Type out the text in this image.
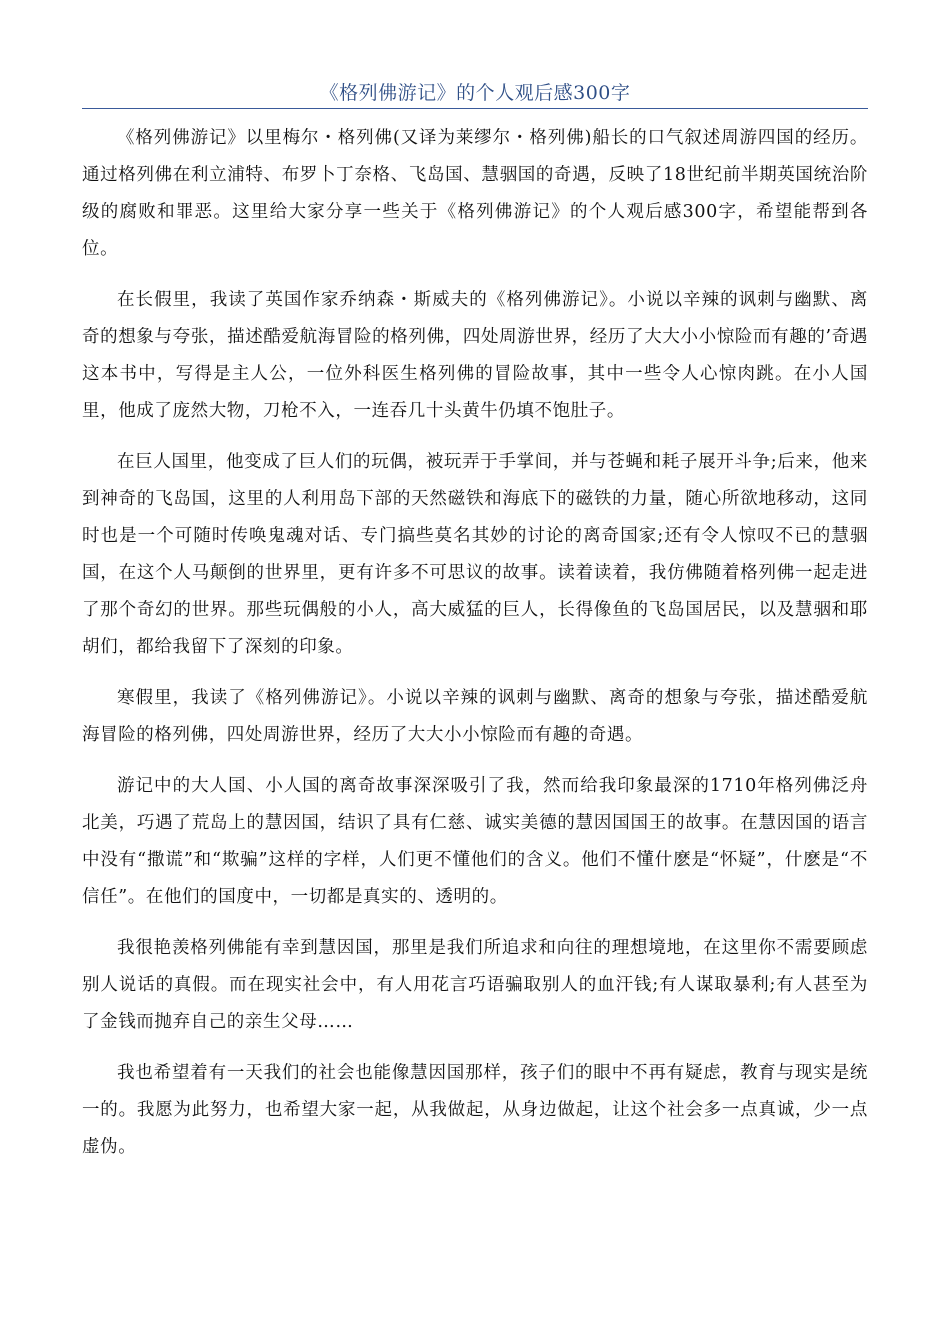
《格列佛游记》的个人观后感300字

《格列佛游记》以里梅尔・格列佛(又译为莱缪尔・格列佛)船长的口气叙述周游四国的经历。通过格列佛在利立浦特、布罗卜丁奈格、飞岛国、慧骃国的奇遇，反映了18世纪前半期英国统治阶级的腐败和罪恶。这里给大家分享一些关于《格列佛游记》的个人观后感300字，希望能帮到各位。

在长假里，我读了英国作家乔纳森・斯威夫的《格列佛游记》。小说以辛辣的讽刺与幽默、离奇的想象与夸张，描述酷爱航海冒险的格列佛，四处周游世界，经历了大大小小惊险而有趣的’奇遇这本书中，写得是主人公，一位外科医生格列佛的冒险故事，其中一些令人心惊肉跳。在小人国里，他成了庞然大物，刀枪不入，一连吞几十头黄牛仍填不饱肚子。

在巨人国里，他变成了巨人们的玩偶，被玩弄于手掌间，并与苍蝇和耗子展开斗争;后来，他来到神奇的飞岛国，这里的人利用岛下部的天然磁铁和海底下的磁铁的力量，随心所欲地移动，这同时也是一个可随时传唤鬼魂对话、专门搞些莫名其妙的讨论的离奇国家;还有令人惊叹不已的慧骃国，在这个人马颠倒的世界里，更有许多不可思议的故事。读着读着，我仿佛随着格列佛一起走进了那个奇幻的世界。那些玩偶般的小人，高大威猛的巨人，长得像鱼的飞岛国居民，以及慧骃和耶胡们，都给我留下了深刻的印象。

寒假里，我读了《格列佛游记》。小说以辛辣的讽刺与幽默、离奇的想象与夸张，描述酷爱航海冒险的格列佛，四处周游世界，经历了大大小小惊险而有趣的奇遇。

游记中的大人国、小人国的离奇故事深深吸引了我，然而给我印象最深的1710年格列佛泛舟北美，巧遇了荒岛上的慧因国，结识了具有仁慈、诚实美德的慧因国国王的故事。在慧因国的语言中没有“撒谎”和“欺骗”这样的字样，人们更不懂他们的含义。他们不懂什麽是“怀疑”，什麽是“不信任”。在他们的国度中，一切都是真实的、透明的。

我很艳羡格列佛能有幸到慧因国，那里是我们所追求和向往的理想境地，在这里你不需要顾虑别人说话的真假。而在现实社会中，有人用花言巧语骗取别人的血汗钱;有人谋取暴利;有人甚至为了金钱而抛弃自己的亲生父母……

我也希望着有一天我们的社会也能像慧因国那样，孩子们的眼中不再有疑虑，教育与现实是统一的。我愿为此努力，也希望大家一起，从我做起，从身边做起，让这个社会多一点真诚，少一点虚伪。
